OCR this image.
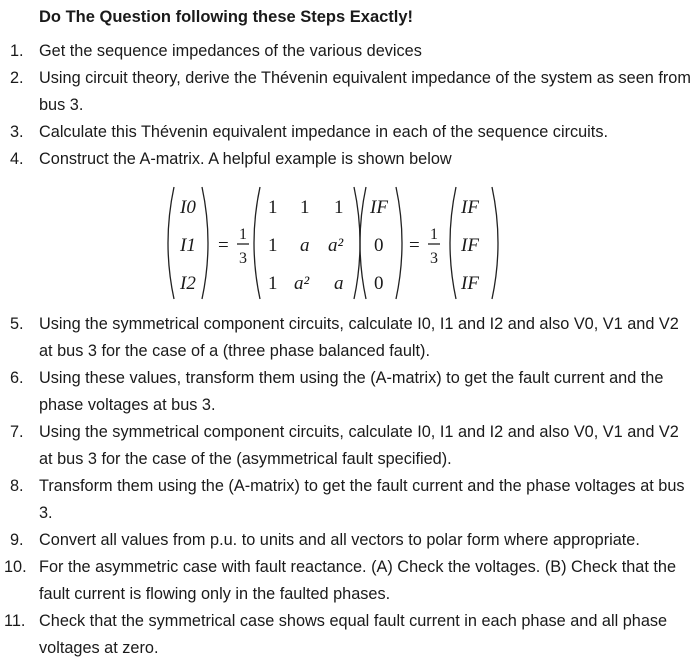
Do The Question following these Steps Exactly!
1. Get the sequence impedances of the various devices
2. Using circuit theory, derive the Thévenin equivalent impedance of the system as seen from bus 3.
3. Calculate this Thévenin equivalent impedance in each of the sequence circuits.
4. Construct the A-matrix. A helpful example is shown below
I0
I1
I2
=
1
3
1 1 1
1 a a²
1 a² a
IF
0
0
=
1
3
IF
IF
IF
5. Using the symmetrical component circuits, calculate I0, I1 and I2 and also V0, V1 and V2 at bus 3 for the case of a (three phase balanced fault).
6. Using these values, transform them using the (A-matrix) to get the fault current and the phase voltages at bus 3.
7. Using the symmetrical component circuits, calculate I0, I1 and I2 and also V0, V1 and V2 at bus 3 for the case of the (asymmetrical fault specified).
8. Transform them using the (A-matrix) to get the fault current and the phase voltages at bus 3.
9. Convert all values from p.u. to units and all vectors to polar form where appropriate.
10. For the asymmetric case with fault reactance. (A) Check the voltages. (B) Check that the fault current is flowing only in the faulted phases.
11. Check that the symmetrical case shows equal fault current in each phase and all phase voltages at zero.
